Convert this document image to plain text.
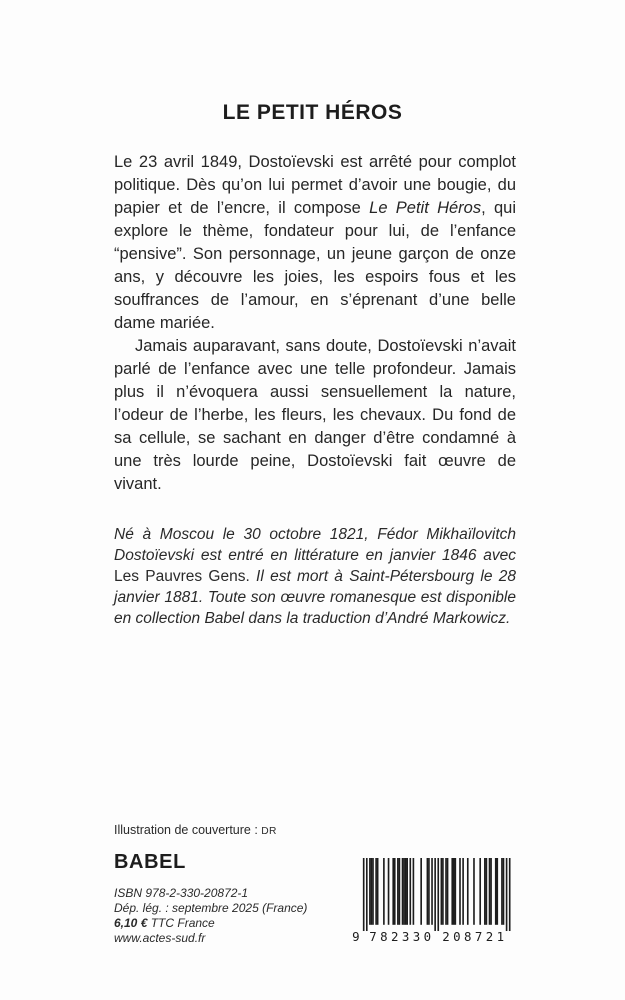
LE PETIT HÉROS

Le 23 avril 1849, Dostoïevski est arrêté pour complot politique. Dès qu’on lui permet d’avoir une bougie, du papier et de l’encre, il compose Le Petit Héros, qui explore le thème, fondateur pour lui, de l’enfance “pensive”. Son personnage, un jeune garçon de onze ans, y découvre les joies, les espoirs fous et les souffrances de l’amour, en s’éprenant d’une belle dame mariée.

Jamais auparavant, sans doute, Dostoïevski n’avait parlé de l’enfance avec une telle profondeur. Jamais plus il n’évoquera aussi sensuellement la nature, l’odeur de l’herbe, les fleurs, les chevaux. Du fond de sa cellule, se sachant en danger d’être condamné à une très lourde peine, Dostoïevski fait œuvre de vivant.

Né à Moscou le 30 octobre 1821, Fédor Mikhaïlovitch Dostoïevski est entré en littérature en janvier 1846 avec Les Pauvres Gens. Il est mort à Saint-Pétersbourg le 28 janvier 1881. Toute son œuvre romanesque est disponible en collection Babel dans la traduction d’André Markowicz.

Illustration de couverture : DR
BABEL
ISBN 978-2-330-20872-1
Dép. lég. : septembre 2025 (France)
6,10 € TTC France
www.actes-sud.fr	9 7	2
8	0
2	8
3	7
3	2
0	1
